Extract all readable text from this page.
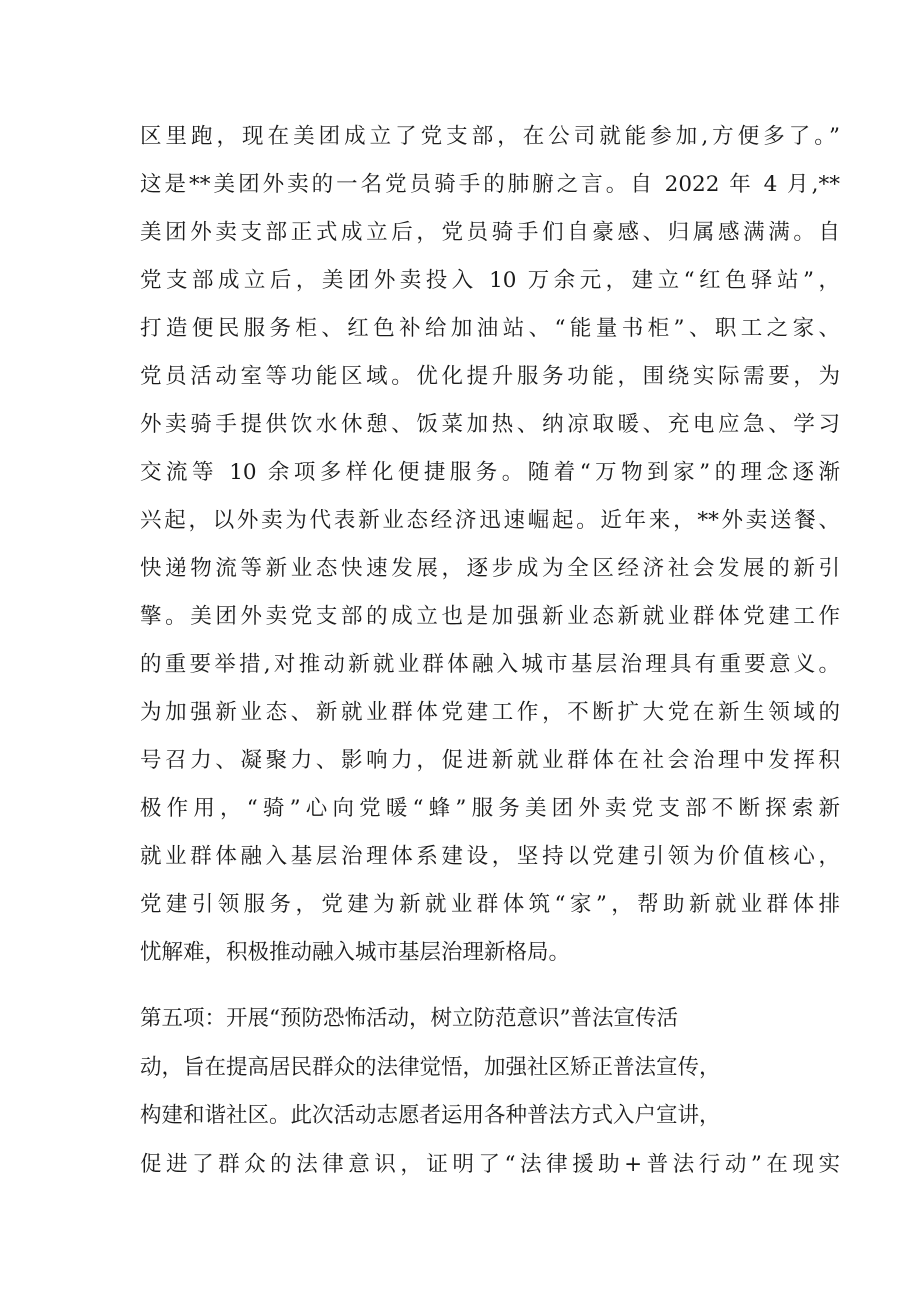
区里跑，现在美团成立了党支部，在公司就能参加,方便多了。”
这是**美团外卖的一名党员骑手的肺腑之言。自 2022 年 4 月,**
美团外卖支部正式成立后，党员骑手们自豪感、归属感满满。自
党支部成立后，美团外卖投入 10 万余元，建立“红色驿站”，
打造便民服务柜、红色补给加油站、“能量书柜”、职工之家、
党员活动室等功能区域。优化提升服务功能，围绕实际需要，为
外卖骑手提供饮水休憩、饭菜加热、纳凉取暖、充电应急、学习
交流等 10 余项多样化便捷服务。随着“万物到家”的理念逐渐
兴起，以外卖为代表新业态经济迅速崛起。近年来，**外卖送餐、
快递物流等新业态快速发展，逐步成为全区经济社会发展的新引
擎。美团外卖党支部的成立也是加强新业态新就业群体党建工作
的重要举措,对推动新就业群体融入城市基层治理具有重要意义。
为加强新业态、新就业群体党建工作，不断扩大党在新生领域的
号召力、凝聚力、影响力，促进新就业群体在社会治理中发挥积
极作用，“骑”心向党暖“蜂”服务美团外卖党支部不断探索新
就业群体融入基层治理体系建设，坚持以党建引领为价值核心，
党建引领服务，党建为新就业群体筑“家”，帮助新就业群体排
忧解难，积极推动融入城市基层治理新格局。
第五项：开展“预防恐怖活动，树立防范意识”普法宣传活
动，旨在提高居民群众的法律觉悟，加强社区矫正普法宣传，
构建和谐社区。此次活动志愿者运用各种普法方式入户宣讲，
促进了群众的法律意识，证明了“法律援助+普法行动”在现实
